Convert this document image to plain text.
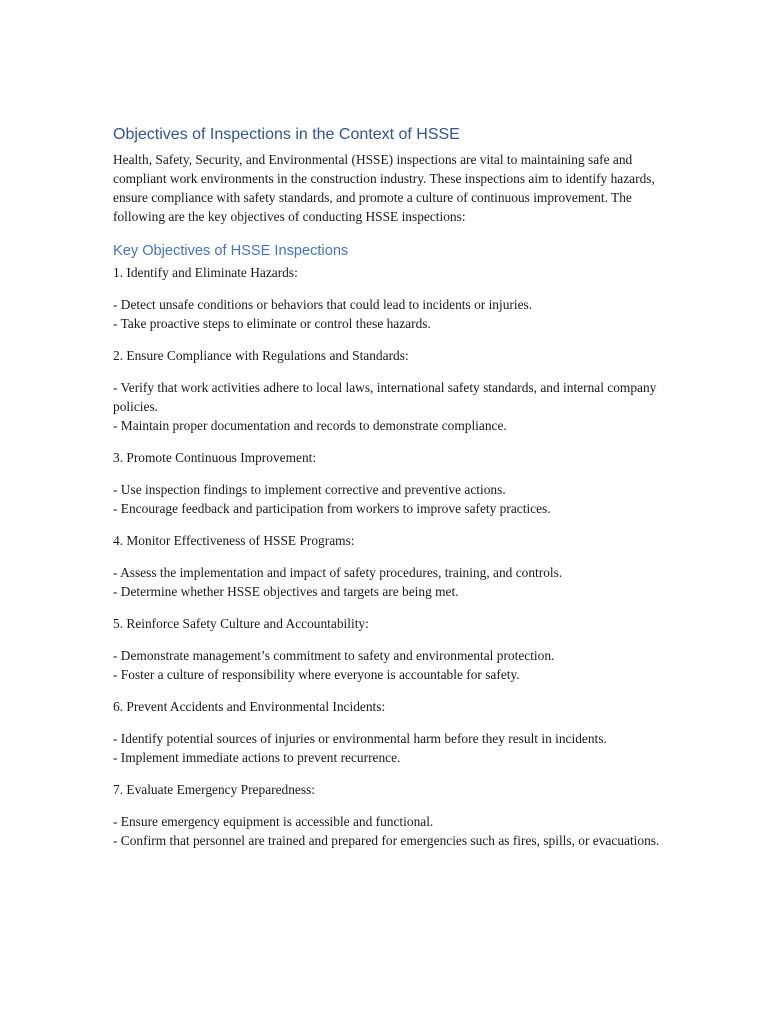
Objectives of Inspections in the Context of HSSE

Health, Safety, Security, and Environmental (HSSE) inspections are vital to maintaining safe and compliant work environments in the construction industry. These inspections aim to identify hazards, ensure compliance with safety standards, and promote a culture of continuous improvement. The following are the key objectives of conducting HSSE inspections:

Key Objectives of HSSE Inspections

1. Identify and Eliminate Hazards:

- Detect unsafe conditions or behaviors that could lead to incidents or injuries.

- Take proactive steps to eliminate or control these hazards.

2. Ensure Compliance with Regulations and Standards:

- Verify that work activities adhere to local laws, international safety standards, and internal company policies.

- Maintain proper documentation and records to demonstrate compliance.

3. Promote Continuous Improvement:

- Use inspection findings to implement corrective and preventive actions.

- Encourage feedback and participation from workers to improve safety practices.

4. Monitor Effectiveness of HSSE Programs:

- Assess the implementation and impact of safety procedures, training, and controls.

- Determine whether HSSE objectives and targets are being met.

5. Reinforce Safety Culture and Accountability:

- Demonstrate management’s commitment to safety and environmental protection.

- Foster a culture of responsibility where everyone is accountable for safety.

6. Prevent Accidents and Environmental Incidents:

- Identify potential sources of injuries or environmental harm before they result in incidents.

- Implement immediate actions to prevent recurrence.

7. Evaluate Emergency Preparedness:

- Ensure emergency equipment is accessible and functional.

- Confirm that personnel are trained and prepared for emergencies such as fires, spills, or evacuations.
